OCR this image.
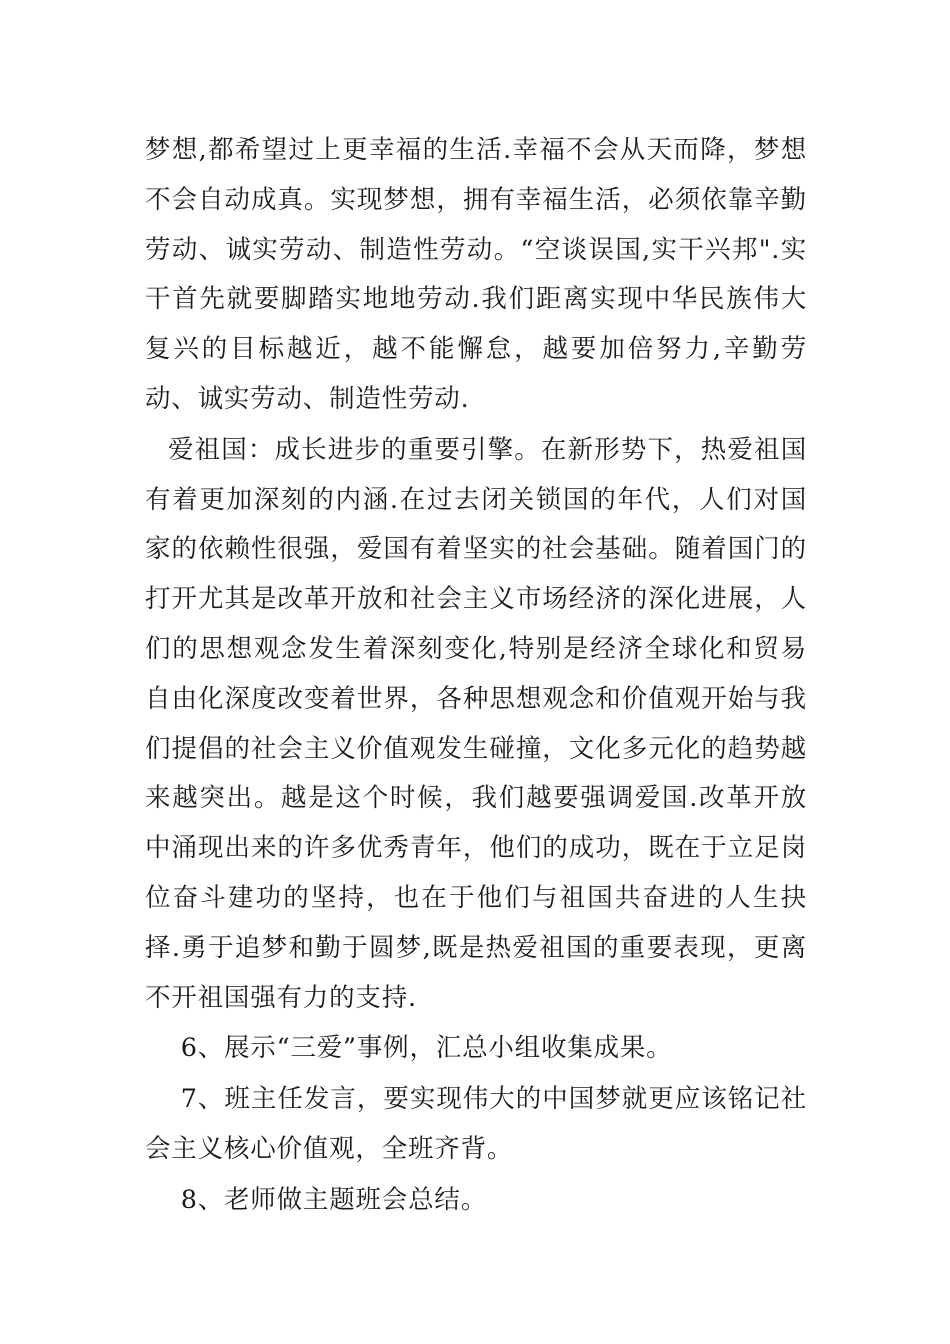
梦想,都希望过上更幸福的生活.幸福不会从天而降，梦想不会自动成真。实现梦想，拥有幸福生活，必须依靠辛勤劳动、诚实劳动、制造性劳动。“空谈误国,实干兴邦".实干首先就要脚踏实地地劳动.我们距离实现中华民族伟大复兴的目标越近，越不能懈怠，越要加倍努力,辛勤劳动、诚实劳动、制造性劳动.

爱祖国：成长进步的重要引擎。在新形势下，热爱祖国有着更加深刻的内涵.在过去闭关锁国的年代，人们对国家的依赖性很强，爱国有着坚实的社会基础。随着国门的打开尤其是改革开放和社会主义市场经济的深化进展，人们的思想观念发生着深刻变化,特别是经济全球化和贸易自由化深度改变着世界，各种思想观念和价值观开始与我们提倡的社会主义价值观发生碰撞，文化多元化的趋势越来越突出。越是这个时候，我们越要强调爱国.改革开放中涌现出来的许多优秀青年，他们的成功，既在于立足岗位奋斗建功的坚持，也在于他们与祖国共奋进的人生抉择.勇于追梦和勤于圆梦,既是热爱祖国的重要表现，更离不开祖国强有力的支持.

6、展示“三爱”事例，汇总小组收集成果。

7、班主任发言，要实现伟大的中国梦就更应该铭记社会主义核心价值观，全班齐背。

8、老师做主题班会总结。
